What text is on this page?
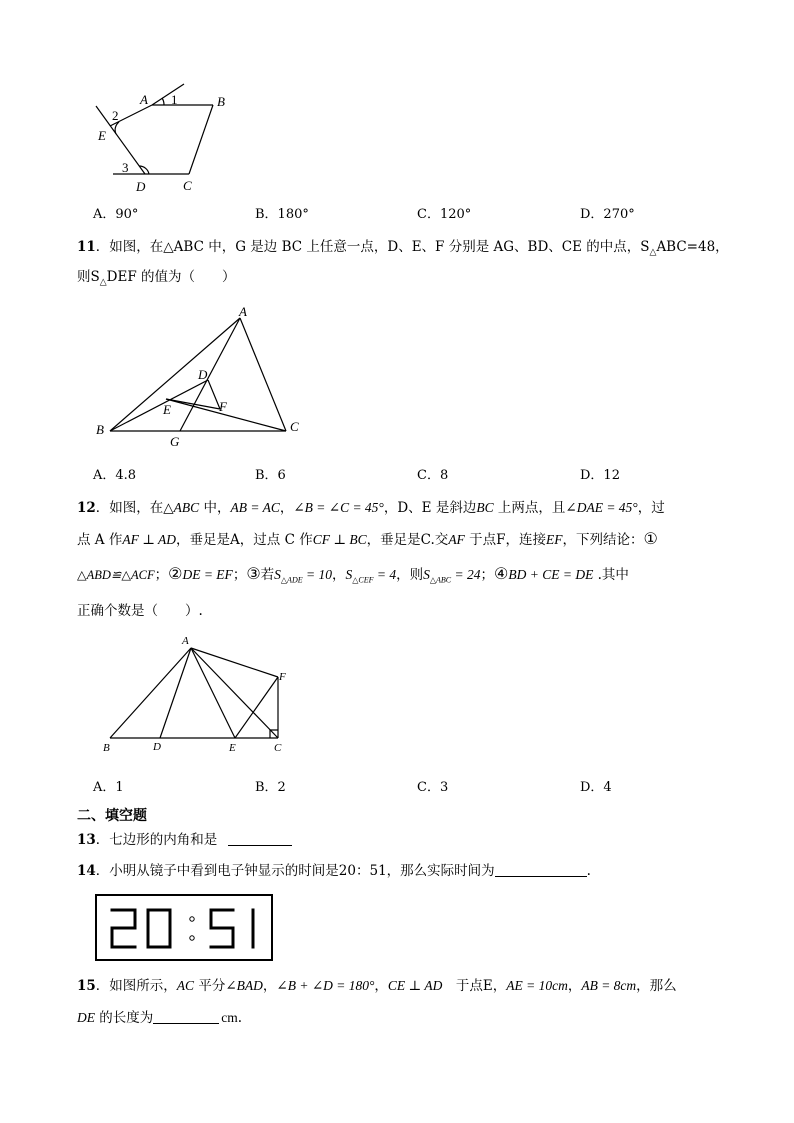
A 1	B
2
E
3
D	C
A．90°	B．180°	C．120°	D．270°
11．如图，在△ABC 中，G 是边 BC 上任意一点，D、E、F 分别是 AG、BD、CE 的中点，$S_\triangle ABC=48$，
则$S_\triangle DEF$ 的值为（　　）
A
D
E	F
B	C
G
A．4.8	B．6	C．8	D．12
12．如图，在△ABC 中，AB = AC，∠B = ∠C = 45°，D、E 是斜边BC 上两点，且∠DAE = 45°，过
点 A 作AF ⊥ AD，垂足是A，过点 C 作CF ⊥ BC，垂足是C.交AF 于点F，连接EF，下列结论：①
△ABD≌△ACF；②DE = EF；③若$S_{\triangle ADE} = 10$，$S_{\triangle CEF} = 4$，则$S_{\triangle ABC} = 24$；④BD + CE = DE .其中
正确个数是（　　）.
A
F
B	D	E	C
A．1	B．2	C．3	D．4
二、填空题
13．七边形的内角和是
14．小明从镜子中看到电子钟显示的时间是20：51，那么实际时间为	.
15．如图所示，AC 平分∠BAD，∠B + ∠D = 180°，CE ⊥ AD　于点E，AE = 10cm，AB = 8cm，那么
DE 的长度为	cm.
